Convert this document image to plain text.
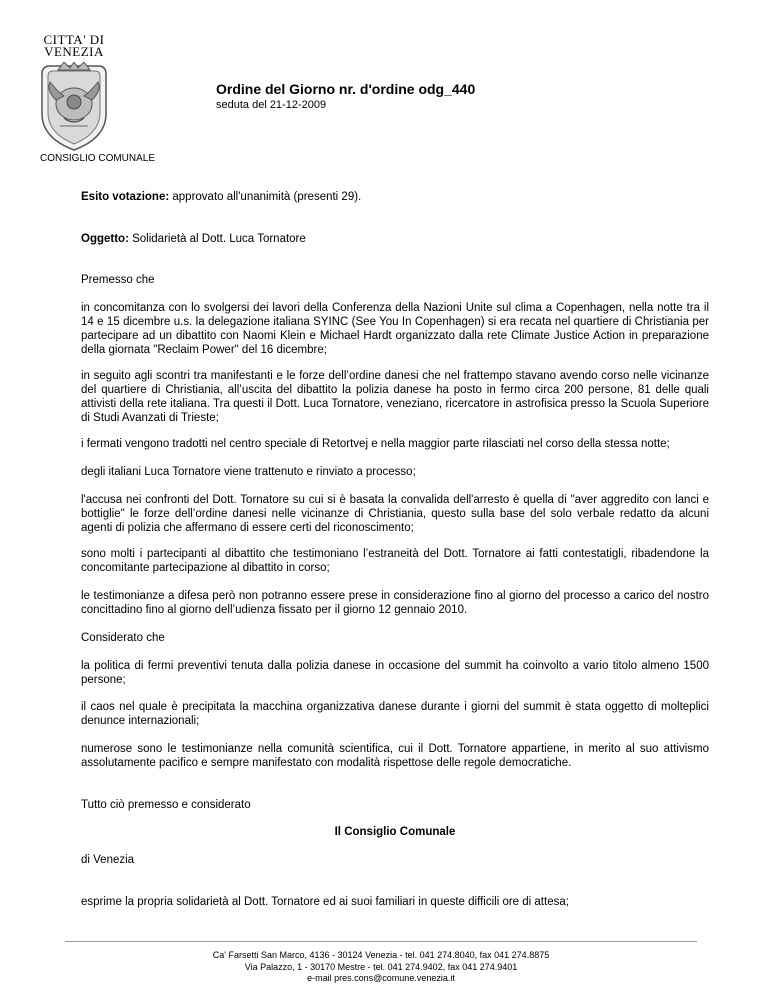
CITTA' DI
VENEZIA
Ordine del Giorno nr. d'ordine odg_440
seduta del 21-12-2009
CONSIGLIO COMUNALE
Esito votazione: approvato all'unanimità (presenti 29).
Oggetto: Solidarietà al Dott. Luca Tornatore
Premesso che
in concomitanza con lo svolgersi dei lavori della Conferenza della Nazioni Unite sul clima a Copenhagen, nella notte tra il 14 e 15 dicembre u.s. la delegazione italiana SYINC (See You In Copenhagen) si era recata nel quartiere di Christiania per partecipare ad un dibattito con Naomi Klein e Michael Hardt organizzato dalla rete Climate Justice Action in preparazione della giornata "Reclaim Power" del 16 dicembre;
in seguito agli scontri tra manifestanti e le forze dell’ordine danesi che nel frattempo stavano avendo corso nelle vicinanze del quartiere di Christiania, all’uscita del dibattito la polizia danese ha posto in fermo circa 200 persone, 81 delle quali attivisti della rete italiana. Tra questi il Dott. Luca Tornatore, veneziano, ricercatore in astrofisica presso la Scuola Superiore di Studi Avanzati di Trieste;
i fermati vengono tradotti nel centro speciale di Retortvej e nella maggior parte rilasciati nel corso della stessa notte;
degli italiani Luca Tornatore viene trattenuto e rinviato a processo;
l'accusa nei confronti del Dott. Tornatore su cui si è basata la convalida dell'arresto è quella di "aver aggredito con lanci e bottiglie" le forze dell’ordine danesi nelle vicinanze di Christiania, questo sulla base del solo verbale redatto da alcuni agenti di polizia che affermano di essere certi del riconoscimento;
sono molti i partecipanti al dibattito che testimoniano l’estraneità del Dott. Tornatore ai fatti contestatigli, ribadendone la concomitante partecipazione al dibattito in corso;
le testimonianze a difesa però non potranno essere prese in considerazione fino al giorno del processo a carico del nostro concittadino fino al giorno dell’udienza fissato per il giorno 12 gennaio 2010.
Considerato che
la politica di fermi preventivi tenuta dalla polizia danese in occasione del summit ha coinvolto a vario titolo almeno 1500 persone;
il caos nel quale è precipitata la macchina organizzativa danese durante i giorni del summit è stata oggetto di molteplici denunce internazionali;
numerose sono le testimonianze nella comunità scientifica, cui il Dott. Tornatore appartiene, in merito al suo attivismo assolutamente pacifico e sempre manifestato con modalità rispettose delle regole democratiche.
Tutto ciò premesso e considerato
Il Consiglio Comunale
di Venezia
esprime la propria solidarietà al Dott. Tornatore ed ai suoi familiari in queste difficili ore di attesa;
Ca' Farsetti San Marco, 4136 - 30124 Venezia - tel. 041 274.8040, fax 041 274.8875
Via Palazzo, 1 - 30170 Mestre - tel. 041 274.9402, fax 041 274.9401
e-mail pres.cons@comune.venezia.it
